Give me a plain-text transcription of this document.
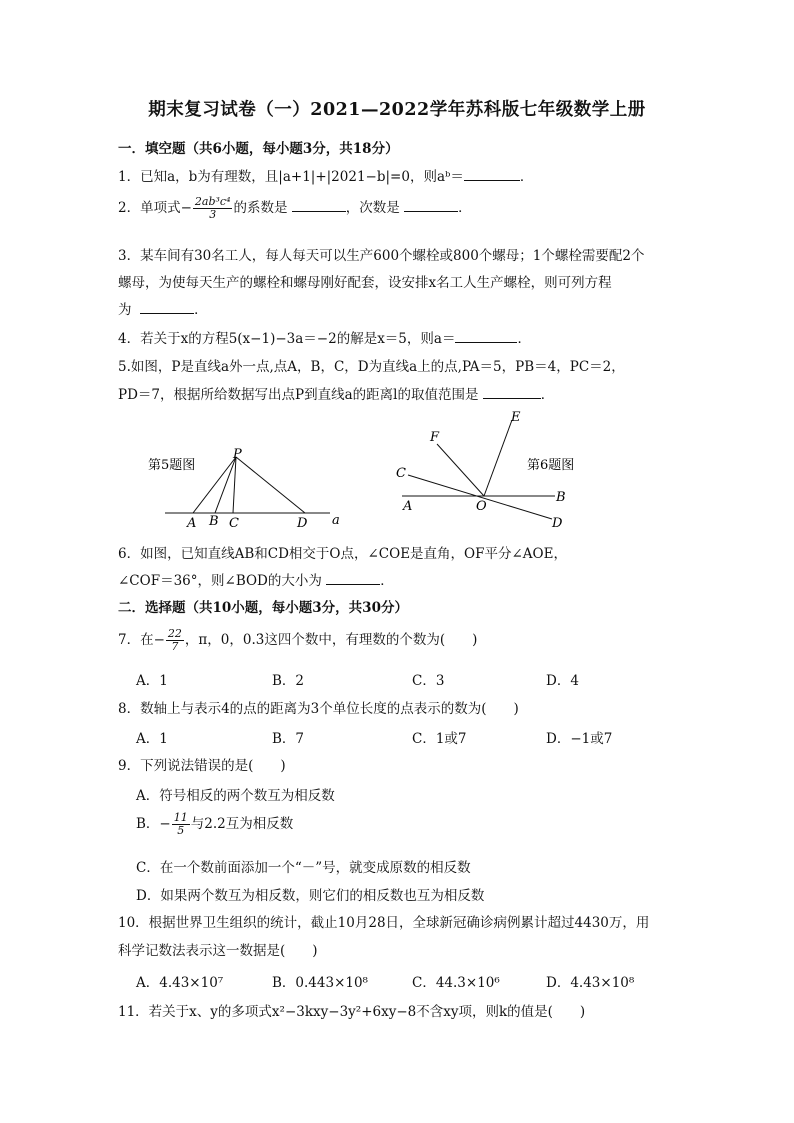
期末复习试卷（一）2021—2022学年苏科版七年级数学上册
一．填空题（共6小题，每小题3分，共18分）
1．已知a，b为有理数，且|a+1|+|2021−b|=0，则aᵇ＝	．
2．单项式− $\frac{\text{2ab³c⁴}}{3}$ 的系数是	，次数是	．
3．某车间有30名工人，每人每天可以生产600个螺栓或800个螺母；1个螺栓需要配2个
螺母，为使每天生产的螺栓和螺母刚好配套，设安排x名工人生产螺栓，则可列方程
为	．
4．若关于x的方程5(x−1)−3a＝−2的解是x＝5，则a＝	．
5.如图，P是直线a外一点,点A，B，C，D为直线a上的点,PA＝5，PB＝4，PC＝2，
PD＝7，根据所给数据写出点P到直线a的距离l的取值范围是	．
第5题图
P
A B C	D a
第6题图
E
F
C
A	O
B
D
6．如图，已知直线AB和CD相交于O点，∠COE是直角，OF平分∠AOE，
∠COF＝36°，则∠BOD的大小为	．
二．选择题（共10小题，每小题3分，共30分）
7．在− $\frac{22}{7}$ ，π，0，0.3̇这四个数中，有理数的个数为(　　)
A．1	B．2	C．3	D．4
8．数轴上与表示4的点的距离为3个单位长度的点表示的数为(　　)
A．1	B．7	C．1或7	D．−1或7
9．下列说法错误的是(　　)
A．符号相反的两个数互为相反数
B．− $\frac{11}{5}$ 与2.2互为相反数
C．在一个数前面添加一个“－”号，就变成原数的相反数
D．如果两个数互为相反数，则它们的相反数也互为相反数
10．根据世界卫生组织的统计，截止10月28日，全球新冠确诊病例累计超过4430万，用
科学记数法表示这一数据是(　　)
A．4.43×10⁷	B．0.443×10⁸	C．44.3×10⁶	D．4.43×10⁸
11．若关于x、y的多项式x²−3kxy−3y²+6xy−8不含xy项，则k的值是(　　)
